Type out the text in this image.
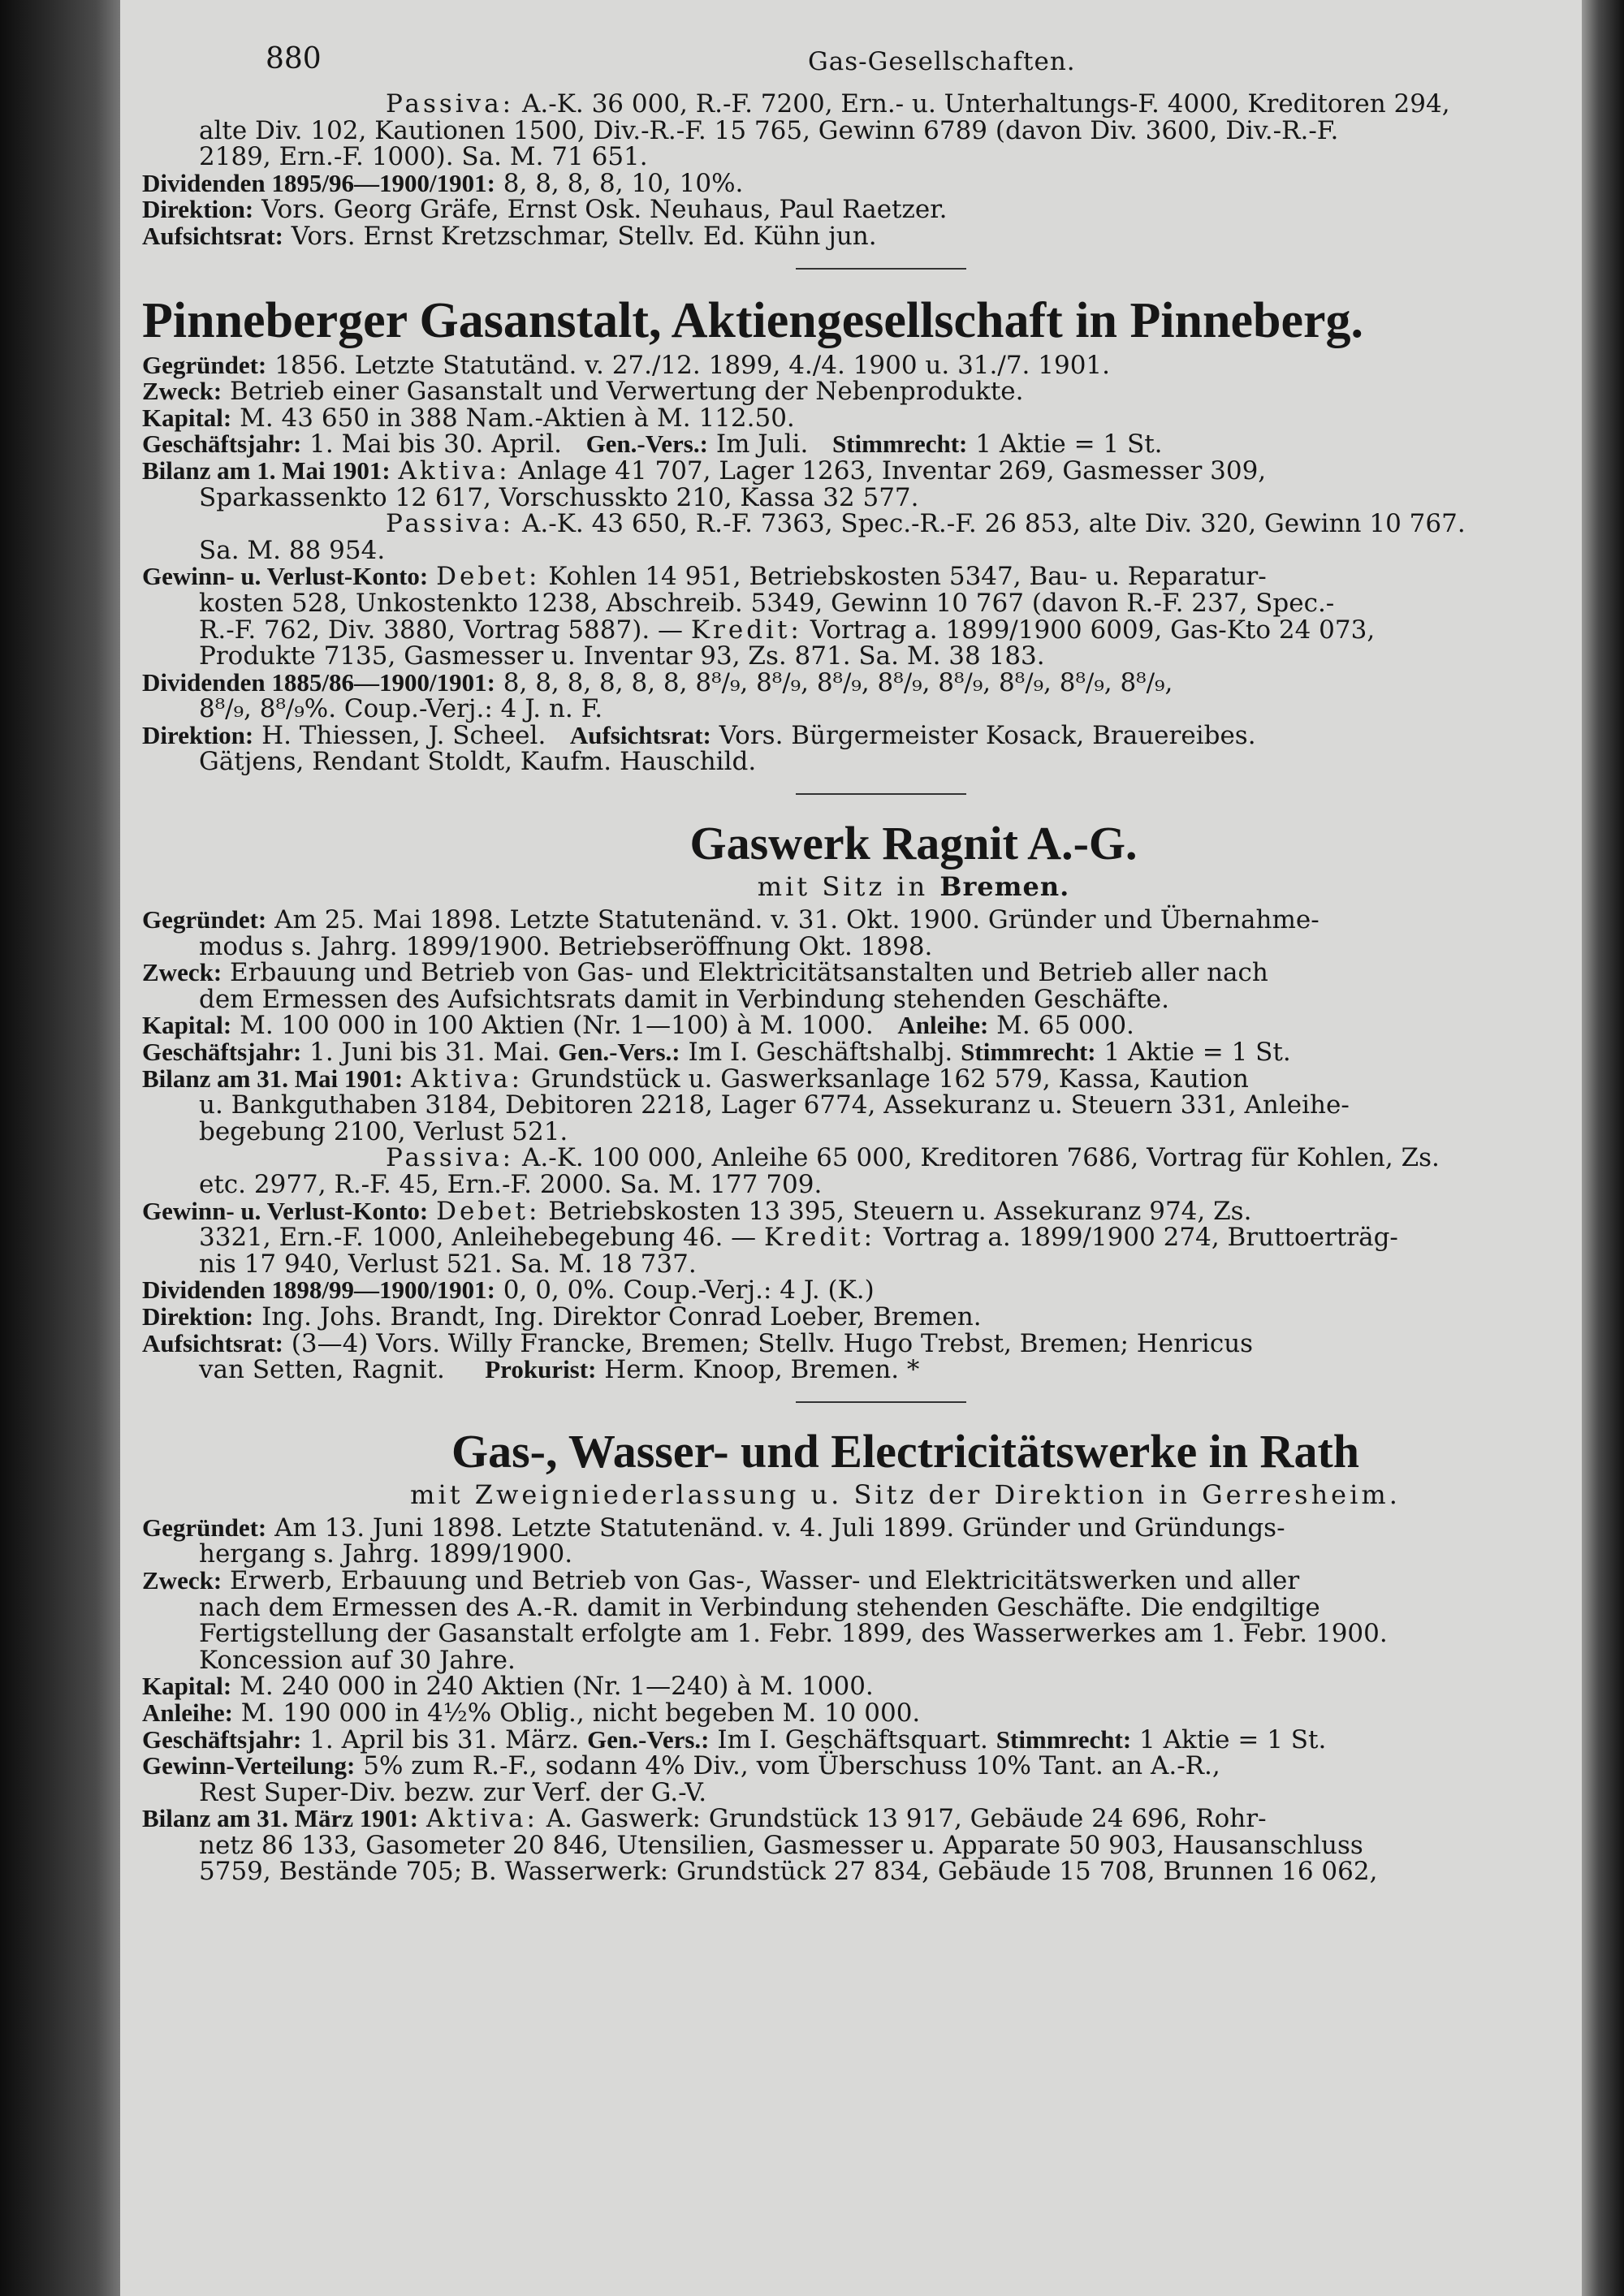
880	Gas-Gesellschaften.

Passiva: A.-K. 36 000, R.-F. 7200, Ern.- u. Unterhaltungs-F. 4000, Kreditoren 294,

alte Div. 102, Kautionen 1500, Div.-R.-F. 15 765, Gewinn 6789 (davon Div. 3600, Div.-R.-F.

2189, Ern.-F. 1000). Sa. M. 71 651.

Dividenden 1895/96—1900/1901: 8, 8, 8, 8, 10, 10%.

Direktion: Vors. Georg Gräfe, Ernst Osk. Neuhaus, Paul Raetzer.

Aufsichtsrat: Vors. Ernst Kretzschmar, Stellv. Ed. Kühn jun.

Pinneberger Gasanstalt, Aktiengesellschaft in Pinneberg.

Gegründet: 1856. Letzte Statutänd. v. 27./12. 1899, 4./4. 1900 u. 31./7. 1901.

Zweck: Betrieb einer Gasanstalt und Verwertung der Nebenprodukte.

Kapital: M. 43 650 in 388 Nam.-Aktien à M. 112.50.

Geschäftsjahr: 1. Mai bis 30. April. Gen.-Vers.: Im Juli. Stimmrecht: 1 Aktie = 1 St.

Bilanz am 1. Mai 1901: Aktiva: Anlage 41 707, Lager 1263, Inventar 269, Gasmesser 309,

Sparkassenkto 12 617, Vorschusskto 210, Kassa 32 577.

Passiva: A.-K. 43 650, R.-F. 7363, Spec.-R.-F. 26 853, alte Div. 320, Gewinn 10 767.

Sa. M. 88 954.

Gewinn- u. Verlust-Konto: Debet: Kohlen 14 951, Betriebskosten 5347, Bau- u. Reparatur-

kosten 528, Unkostenkto 1238, Abschreib. 5349, Gewinn 10 767 (davon R.-F. 237, Spec.-

R.-F. 762, Div. 3880, Vortrag 5887). — Kredit: Vortrag a. 1899/1900 6009, Gas-Kto 24 073,

Produkte 7135, Gasmesser u. Inventar 93, Zs. 871. Sa. M. 38 183.

Dividenden 1885/86—1900/1901: 8, 8, 8, 8, 8, 8, 8⁸/₉, 8⁸/₉, 8⁸/₉, 8⁸/₉, 8⁸/₉, 8⁸/₉, 8⁸/₉, 8⁸/₉,

8⁸/₉, 8⁸/₉%. Coup.-Verj.: 4 J. n. F.

Direktion: H. Thiessen, J. Scheel. Aufsichtsrat: Vors. Bürgermeister Kosack, Brauereibes.

Gätjens, Rendant Stoldt, Kaufm. Hauschild.

Gaswerk Ragnit A.-G.
mit Sitz in Bremen.

Gegründet: Am 25. Mai 1898. Letzte Statutenänd. v. 31. Okt. 1900. Gründer und Übernahme-

modus s. Jahrg. 1899/1900. Betriebseröffnung Okt. 1898.

Zweck: Erbauung und Betrieb von Gas- und Elektricitätsanstalten und Betrieb aller nach

dem Ermessen des Aufsichtsrats damit in Verbindung stehenden Geschäfte.

Kapital: M. 100 000 in 100 Aktien (Nr. 1—100) à M. 1000. Anleihe: M. 65 000.

Geschäftsjahr: 1. Juni bis 31. Mai. Gen.-Vers.: Im I. Geschäftshalbj. Stimmrecht: 1 Aktie = 1 St.

Bilanz am 31. Mai 1901: Aktiva: Grundstück u. Gaswerksanlage 162 579, Kassa, Kaution

u. Bankguthaben 3184, Debitoren 2218, Lager 6774, Assekuranz u. Steuern 331, Anleihe-

begebung 2100, Verlust 521.

Passiva: A.-K. 100 000, Anleihe 65 000, Kreditoren 7686, Vortrag für Kohlen, Zs.

etc. 2977, R.-F. 45, Ern.-F. 2000. Sa. M. 177 709.

Gewinn- u. Verlust-Konto: Debet: Betriebskosten 13 395, Steuern u. Assekuranz 974, Zs.

3321, Ern.-F. 1000, Anleihebegebung 46. — Kredit: Vortrag a. 1899/1900 274, Bruttoerträg-

nis 17 940, Verlust 521. Sa. M. 18 737.

Dividenden 1898/99—1900/1901: 0, 0, 0%. Coup.-Verj.: 4 J. (K.)

Direktion: Ing. Johs. Brandt, Ing. Direktor Conrad Loeber, Bremen.

Aufsichtsrat: (3—4) Vors. Willy Francke, Bremen; Stellv. Hugo Trebst, Bremen; Henricus

van Setten, Ragnit. Prokurist: Herm. Knoop, Bremen. *

Gas-, Wasser- und Electricitätswerke in Rath
mit Zweigniederlassung u. Sitz der Direktion in Gerresheim.

Gegründet: Am 13. Juni 1898. Letzte Statutenänd. v. 4. Juli 1899. Gründer und Gründungs-

hergang s. Jahrg. 1899/1900.

Zweck: Erwerb, Erbauung und Betrieb von Gas-, Wasser- und Elektricitätswerken und aller

nach dem Ermessen des A.-R. damit in Verbindung stehenden Geschäfte. Die endgiltige

Fertigstellung der Gasanstalt erfolgte am 1. Febr. 1899, des Wasserwerkes am 1. Febr. 1900.

Koncession auf 30 Jahre.

Kapital: M. 240 000 in 240 Aktien (Nr. 1—240) à M. 1000.

Anleihe: M. 190 000 in 4½% Oblig., nicht begeben M. 10 000.

Geschäftsjahr: 1. April bis 31. März. Gen.-Vers.: Im I. Geschäftsquart. Stimmrecht: 1 Aktie = 1 St.

Gewinn-Verteilung: 5% zum R.-F., sodann 4% Div., vom Überschuss 10% Tant. an A.-R.,

Rest Super-Div. bezw. zur Verf. der G.-V.

Bilanz am 31. März 1901: Aktiva: A. Gaswerk: Grundstück 13 917, Gebäude 24 696, Rohr-

netz 86 133, Gasometer 20 846, Utensilien, Gasmesser u. Apparate 50 903, Hausanschluss

5759, Bestände 705; B. Wasserwerk: Grundstück 27 834, Gebäude 15 708, Brunnen 16 062,
